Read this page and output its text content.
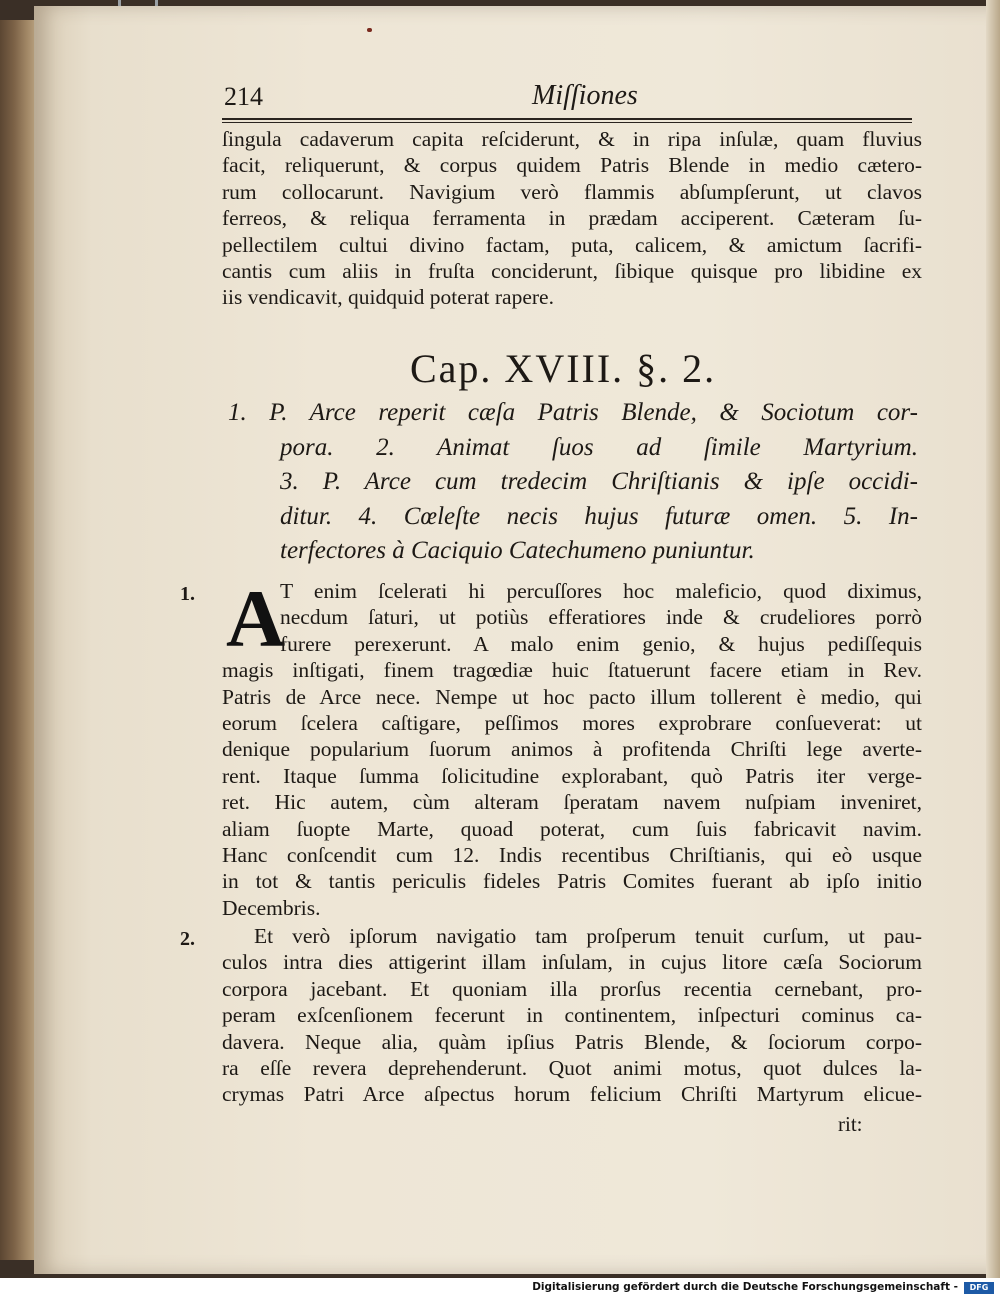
214	Miſſiones
ſingula cadaverum capita reſciderunt, & in ripa inſulæ, quam fluvius
facit, reliquerunt, & corpus quidem Patris Blende in medio cætero-
rum collocarunt. Navigium verò flammis abſumpſerunt, ut clavos
ferreos, & reliqua ferramenta in prædam acciperent. Cæteram ſu-
pellectilem cultui divino factam, puta, calicem, & amictum ſacrifi-
cantis cum aliis in fruſta conciderunt, ſibique quisque pro libidine ex
iis vendicavit, quidquid poterat rapere.
Cap. XVIII. §. 2.
1. P. Arce reperit cæſa Patris Blende, & Sociotum cor-
pora. 2. Animat ſuos ad ſimile Martyrium.
3. P. Arce cum tredecim Chriſtianis & ipſe occidi-
ditur. 4. Cœleſte necis hujus futuræ omen. 5. In-
terfectores à Caciquio Catechumeno puniuntur.
1. A
T enim ſcelerati hi percuſſores hoc maleficio, quod diximus,
necdum ſaturi, ut potiùs efferatiores inde & crudeliores porrò
furere perexerunt. A malo enim genio, & hujus pediſſequis
magis inſtigati, finem tragœdiæ huic ſtatuerunt facere etiam in Rev.
Patris de Arce nece. Nempe ut hoc pacto illum tollerent è medio, qui
eorum ſcelera caſtigare, peſſimos mores exprobrare conſueverat: ut
denique popularium ſuorum animos à profitenda Chriſti lege averte-
rent. Itaque ſumma ſolicitudine explorabant, quò Patris iter verge-
ret. Hic autem, cùm alteram ſperatam navem nuſpiam inveniret,
aliam ſuopte Marte, quoad poterat, cum ſuis fabricavit navim.
Hanc conſcendit cum 12. Indis recentibus Chriſtianis, qui eò usque
in tot & tantis periculis fideles Patris Comites fuerant ab ipſo initio
Decembris.
2.	Et verò ipſorum navigatio tam proſperum tenuit curſum, ut pau-
culos intra dies attigerint illam inſulam, in cujus litore cæſa Sociorum
corpora jacebant. Et quoniam illa prorſus recentia cernebant, pro-
peram exſcenſionem fecerunt in continentem, inſpecturi cominus ca-
davera. Neque alia, quàm ipſius Patris Blende, & ſociorum corpo-
ra eſſe revera deprehenderunt. Quot animi motus, quot dulces la-
crymas Patri Arce aſpectus horum felicium Chriſti Martyrum elicue-
rit:
Digitalisierung gefördert durch die Deutsche Forschungsgemeinschaft -	DFG
